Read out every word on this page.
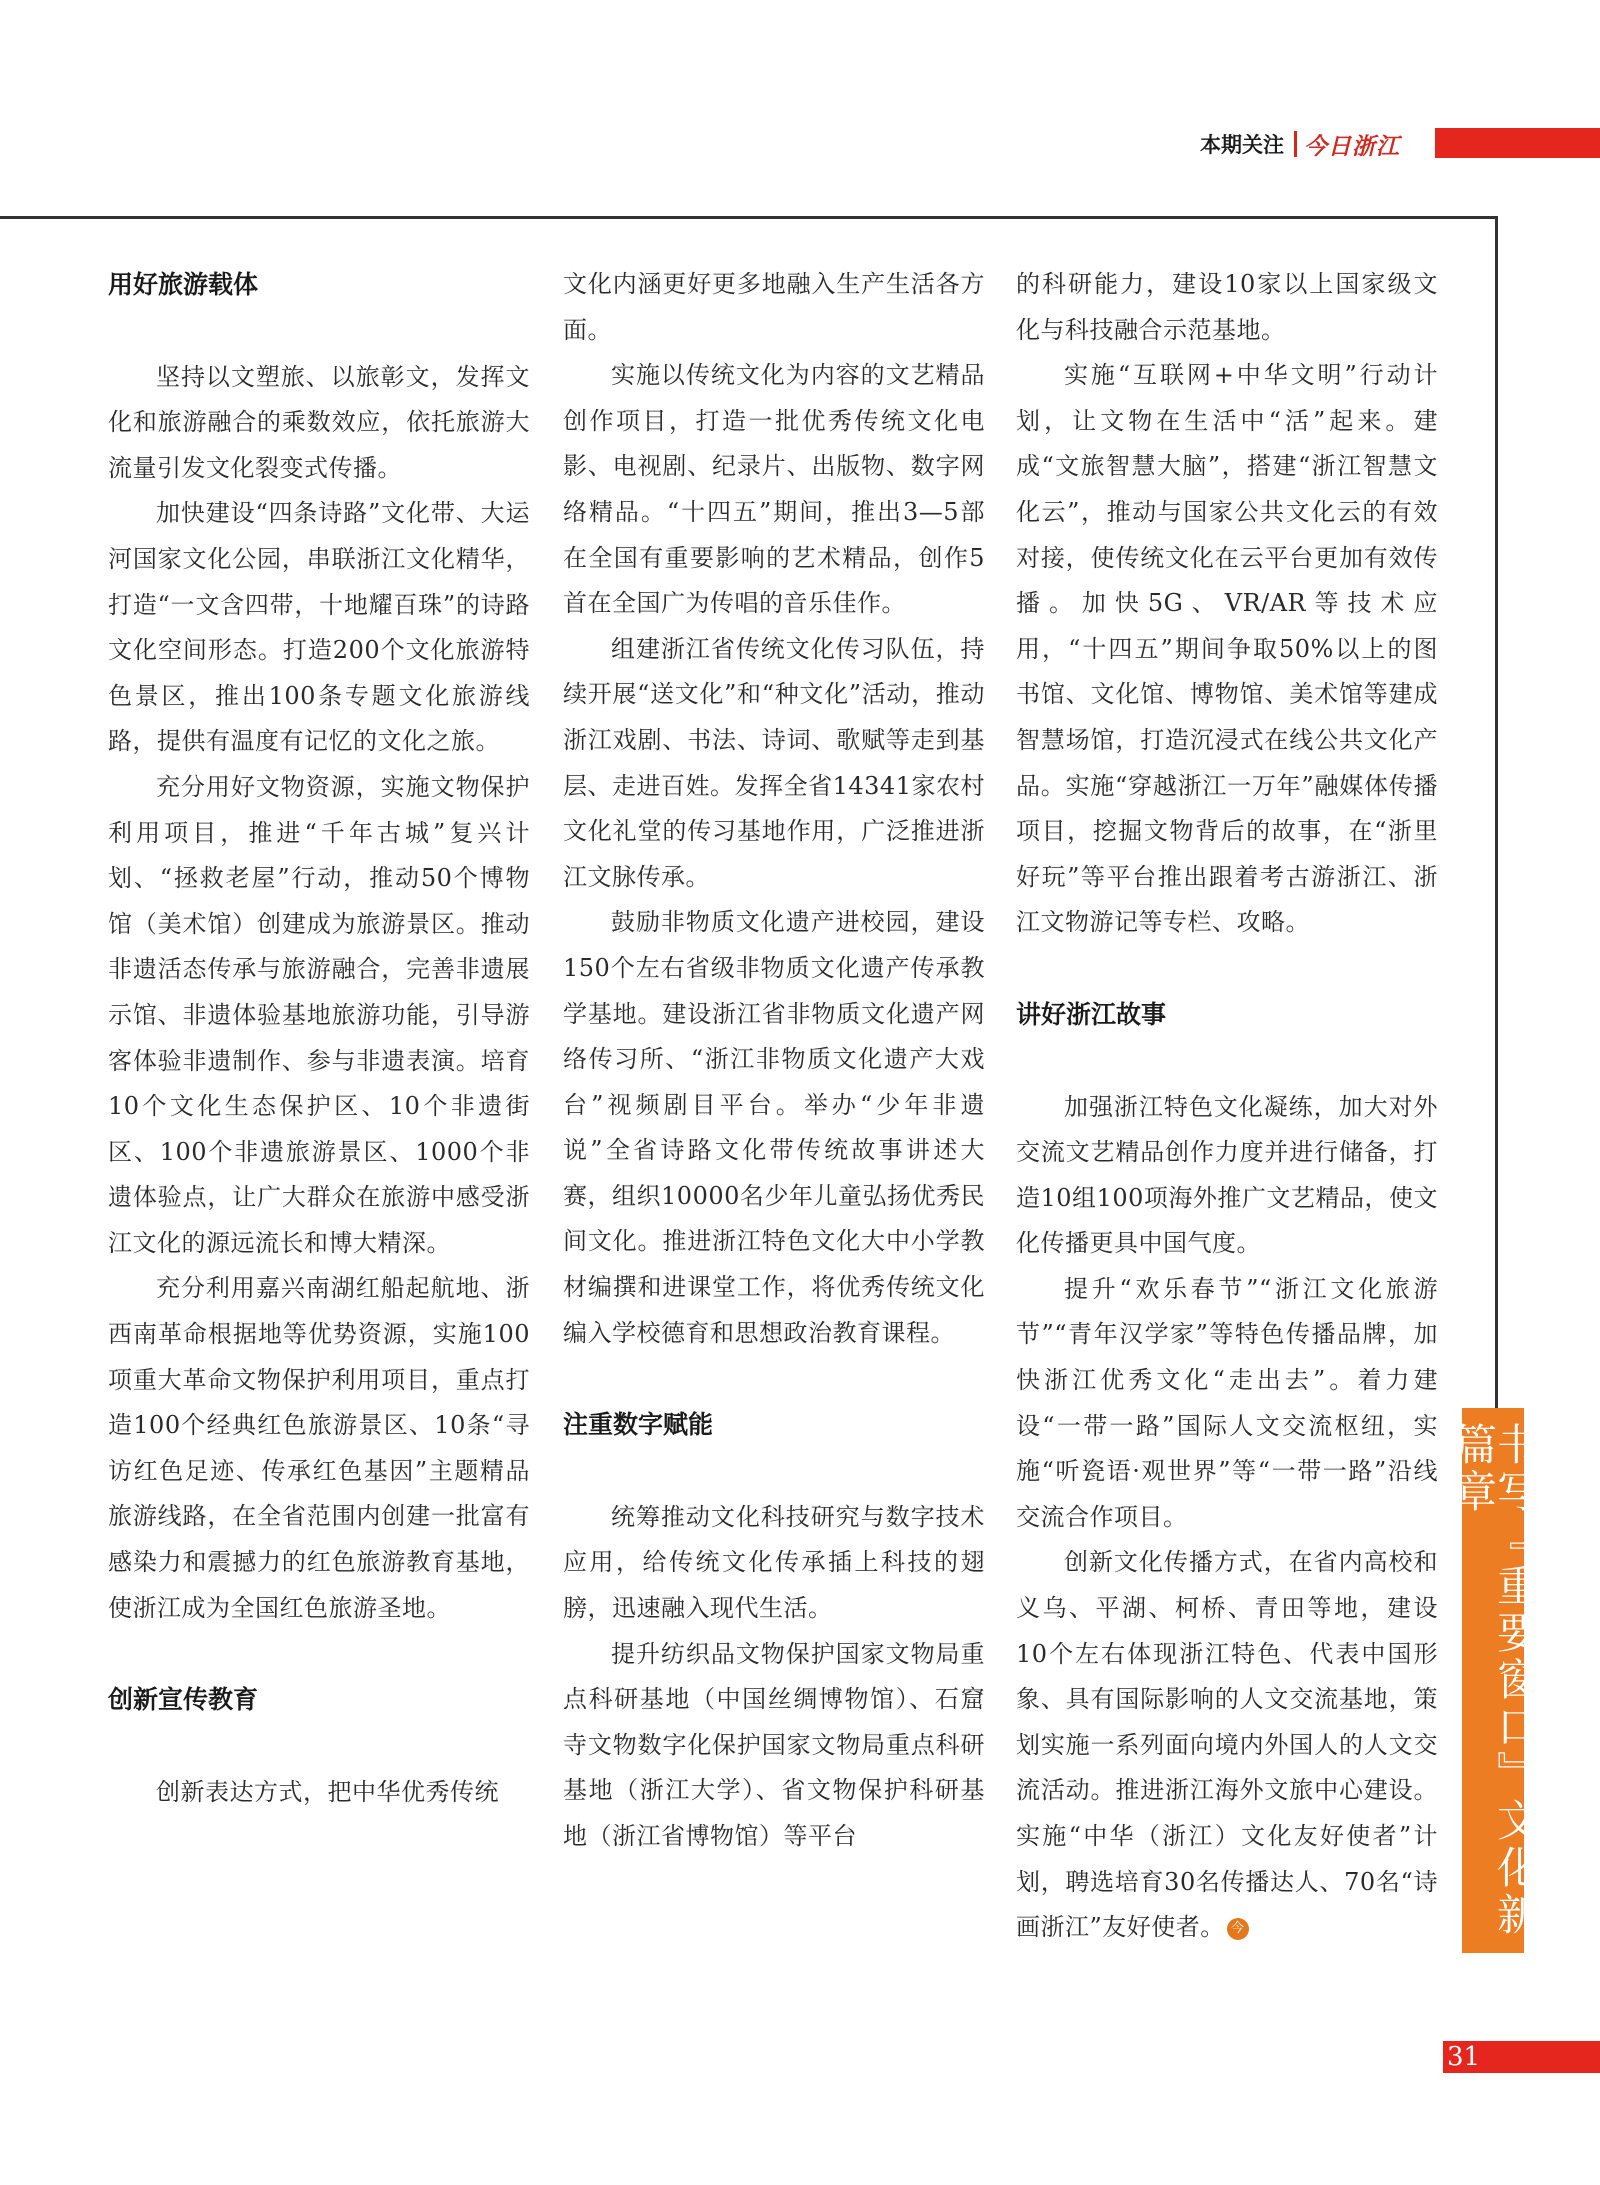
本期关注 今日浙江
用好旅游载体

坚持以文塑旅、以旅彰文，发挥文化和旅游融合的乘数效应，依托旅游大流量引发文化裂变式传播。

加快建设“四条诗路”文化带、大运河国家文化公园，串联浙江文化精华，打造“一文含四带，十地耀百珠”的诗路文化空间形态。打造200个文化旅游特色景区，推出100条专题文化旅游线路，提供有温度有记忆的文化之旅。

充分用好文物资源，实施文物保护利用项目，推进“千年古城”复兴计划、“拯救老屋”行动，推动50个博物馆（美术馆）创建成为旅游景区。推动非遗活态传承与旅游融合，完善非遗展示馆、非遗体验基地旅游功能，引导游客体验非遗制作、参与非遗表演。培育10个文化生态保护区、10个非遗街区、100个非遗旅游景区、1000个非遗体验点，让广大群众在旅游中感受浙江文化的源远流长和博大精深。

充分利用嘉兴南湖红船起航地、浙西南革命根据地等优势资源，实施100项重大革命文物保护利用项目，重点打造100个经典红色旅游景区、10条“寻访红色足迹、传承红色基因”主题精品旅游线路，在全省范围内创建一批富有感染力和震撼力的红色旅游教育基地，使浙江成为全国红色旅游圣地。

创新宣传教育

创新表达方式，把中华优秀传统

文化内涵更好更多地融入生产生活各方面。

实施以传统文化为内容的文艺精品创作项目，打造一批优秀传统文化电影、电视剧、纪录片、出版物、数字网络精品。“十四五”期间，推出3—5部在全国有重要影响的艺术精品，创作5首在全国广为传唱的音乐佳作。

组建浙江省传统文化传习队伍，持续开展“送文化”和“种文化”活动，推动浙江戏剧、书法、诗词、歌赋等走到基层、走进百姓。发挥全省14341家农村文化礼堂的传习基地作用，广泛推进浙江文脉传承。

鼓励非物质文化遗产进校园，建设150个左右省级非物质文化遗产传承教学基地。建设浙江省非物质文化遗产网络传习所、“浙江非物质文化遗产大戏台”视频剧目平台。举办“少年非遗说”全省诗路文化带传统故事讲述大赛，组织10000名少年儿童弘扬优秀民间文化。推进浙江特色文化大中小学教材编撰和进课堂工作，将优秀传统文化编入学校德育和思想政治教育课程。

注重数字赋能

统筹推动文化科技研究与数字技术应用，给传统文化传承插上科技的翅膀，迅速融入现代生活。

提升纺织品文物保护国家文物局重点科研基地（中国丝绸博物馆）、石窟寺文物数字化保护国家文物局重点科研基地（浙江大学）、省文物保护科研基地（浙江省博物馆）等平台

的科研能力，建设10家以上国家级文化与科技融合示范基地。

实施“互联网+中华文明”行动计划，让文物在生活中“活”起来。建成“文旅智慧大脑”，搭建“浙江智慧文化云”，推动与国家公共文化云的有效对接，使传统文化在云平台更加有效传播。加快5G、VR/AR等技术应用，“十四五”期间争取50%以上的图书馆、文化馆、博物馆、美术馆等建成智慧场馆，打造沉浸式在线公共文化产品。实施“穿越浙江一万年”融媒体传播项目，挖掘文物背后的故事，在“浙里好玩”等平台推出跟着考古游浙江、浙江文物游记等专栏、攻略。

讲好浙江故事

加强浙江特色文化凝练，加大对外交流文艺精品创作力度并进行储备，打造10组100项海外推广文艺精品，使文化传播更具中国气度。

提升“欢乐春节”“浙江文化旅游节”“青年汉学家”等特色传播品牌，加快浙江优秀文化“走出去”。着力建设“一带一路”国际人文交流枢纽，实施“听瓷语·观世界”等“一带一路”沿线交流合作项目。

创新文化传播方式，在省内高校和义乌、平湖、柯桥、青田等地，建设10个左右体现浙江特色、代表中国形象、具有国际影响的人文交流基地，策划实施一系列面向境内外国人的人文交流活动。推进浙江海外文旅中心建设。实施“中华（浙江）文化友好使者”计划，聘选培育30名传播达人、70名“诗画浙江”友好使者。 今	书写『重要窗口』文化新篇章
31
